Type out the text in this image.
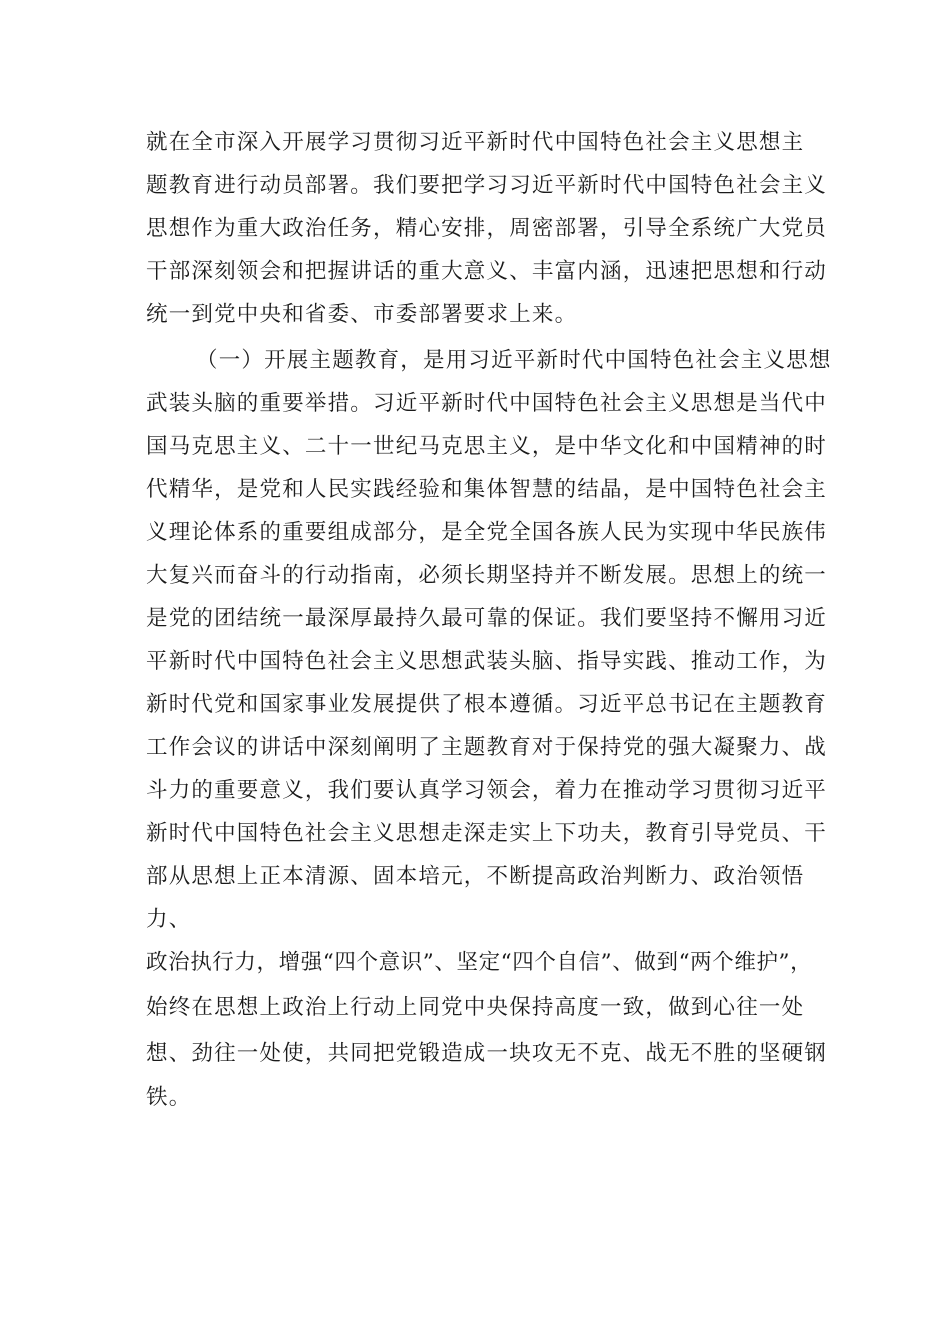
就在全市深入开展学习贯彻习近平新时代中国特色社会主义思想主
题教育进行动员部署。我们要把学习习近平新时代中国特色社会主义
思想作为重大政治任务，精心安排，周密部署，引导全系统广大党员
干部深刻领会和把握讲话的重大意义、丰富内涵，迅速把思想和行动
统一到党中央和省委、市委部署要求上来。
（一）开展主题教育，是用习近平新时代中国特色社会主义思想
武装头脑的重要举措。习近平新时代中国特色社会主义思想是当代中
国马克思主义、二十一世纪马克思主义，是中华文化和中国精神的时
代精华，是党和人民实践经验和集体智慧的结晶，是中国特色社会主
义理论体系的重要组成部分，是全党全国各族人民为实现中华民族伟
大复兴而奋斗的行动指南，必须长期坚持并不断发展。思想上的统一
是党的团结统一最深厚最持久最可靠的保证。我们要坚持不懈用习近
平新时代中国特色社会主义思想武装头脑、指导实践、推动工作，为
新时代党和国家事业发展提供了根本遵循。习近平总书记在主题教育
工作会议的讲话中深刻阐明了主题教育对于保持党的强大凝聚力、战
斗力的重要意义，我们要认真学习领会，着力在推动学习贯彻习近平
新时代中国特色社会主义思想走深走实上下功夫，教育引导党员、干
部从思想上正本清源、固本培元，不断提高政治判断力、政治领悟
力、
政治执行力，增强“四个意识”、坚定“四个自信”、做到“两个维护”，
始终在思想上政治上行动上同党中央保持高度一致，做到心往一处
想、劲往一处使，共同把党锻造成一块攻无不克、战无不胜的坚硬钢
铁。
